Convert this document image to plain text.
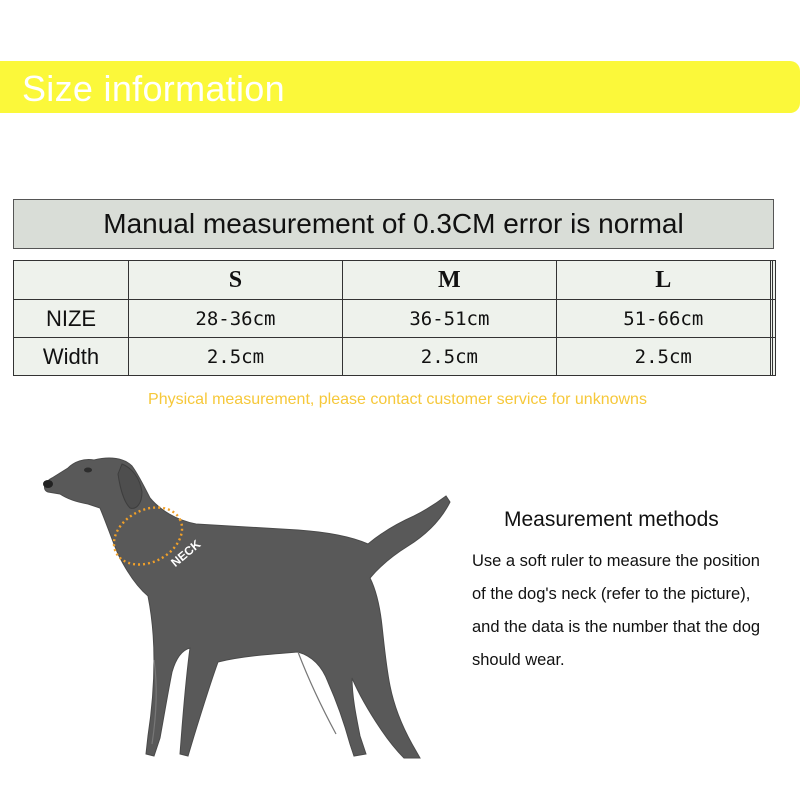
Size information
Manual measurement of 0.3CM error is normal
	S	M	L		
NIZE	28-36cm	36-51cm	51-66cm		
Width	2.5cm	2.5cm	2.5cm		
Physical measurement, please contact customer service for unknowns
NECK
Measurement methods
Use a soft ruler to measure the position
of the dog's neck (refer to the picture),
and the data is the number that the dog
should wear.
